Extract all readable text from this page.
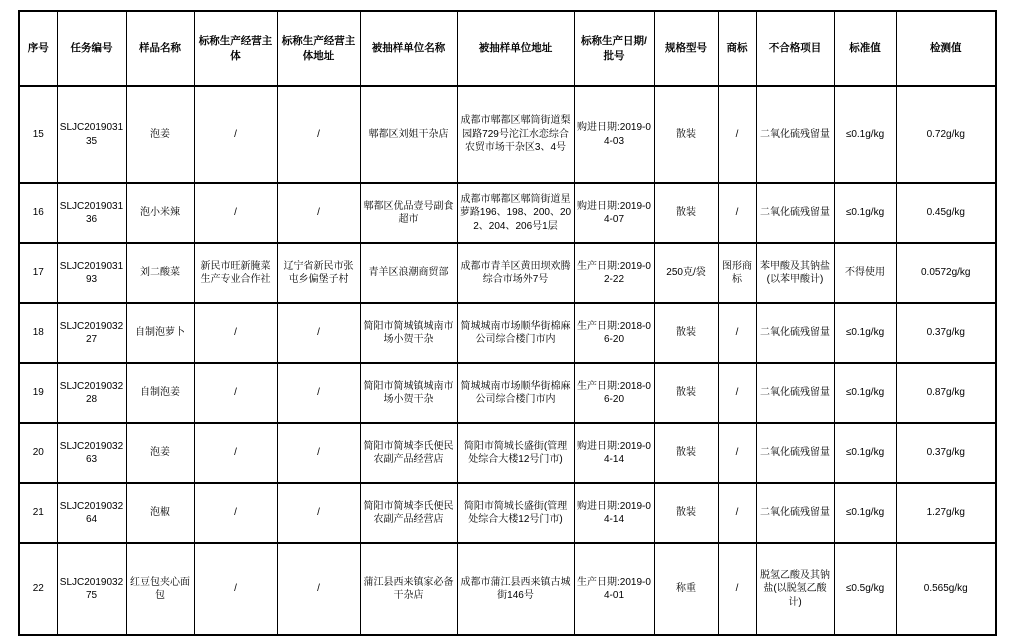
序号	任务编号	样品名称	标称生产经营主体	标称生产经营主体地址	被抽样单位名称	被抽样单位地址	标称生产日期/批号	规格型号	商标	不合格项目	标准值	检测值
15	SLJC201903135	泡姜	/	/	郫都区刘姐干杂店	成都市郫都区郫筒街道梨园路729号沱江水恋综合农贸市场干杂区3、4号	购进日期:2019-04-03	散装	/	二氧化硫残留量	≤0.1g/kg	0.72g/kg
16	SLJC201903136	泡小米辣	/	/	郫都区优品壹号副食超市	成都市郫都区郫筒街道星萝路196、198、200、202、204、206号1层	购进日期:2019-04-07	散装	/	二氧化硫残留量	≤0.1g/kg	0.45g/kg
17	SLJC201903193	刘二酸菜	新民市旺新腌菜生产专业合作社	辽宁省新民市张屯乡偏堡子村	青羊区浪潮商贸部	成都市青羊区黄田坝欢腾综合市场外7号	生产日期:2019-02-22	250克/袋	图形商标	苯甲酸及其钠盐(以苯甲酸计)	不得使用	0.0572g/kg
18	SLJC201903227	自制泡萝卜	/	/	简阳市简城镇城南市场小贺干杂	简城城南市场顺华街棉麻公司综合楼门市内	生产日期:2018-06-20	散装	/	二氧化硫残留量	≤0.1g/kg	0.37g/kg
19	SLJC201903228	自制泡姜	/	/	简阳市简城镇城南市场小贺干杂	简城城南市场顺华街棉麻公司综合楼门市内	生产日期:2018-06-20	散装	/	二氧化硫残留量	≤0.1g/kg	0.87g/kg
20	SLJC201903263	泡姜	/	/	简阳市简城李氏便民农副产品经营店	简阳市简城长盛街(管理处综合大楼12号门市)	购进日期:2019-04-14	散装	/	二氧化硫残留量	≤0.1g/kg	0.37g/kg
21	SLJC201903264	泡椒	/	/	简阳市简城李氏便民农副产品经营店	简阳市简城长盛街(管理处综合大楼12号门市)	购进日期:2019-04-14	散装	/	二氧化硫残留量	≤0.1g/kg	1.27g/kg
22	SLJC201903275	红豆包夹心面包	/	/	蒲江县西来镇家必备干杂店	成都市蒲江县西来镇古城街146号	生产日期:2019-04-01	称重	/	脱氢乙酸及其钠盐(以脱氢乙酸计)	≤0.5g/kg	0.565g/kg
